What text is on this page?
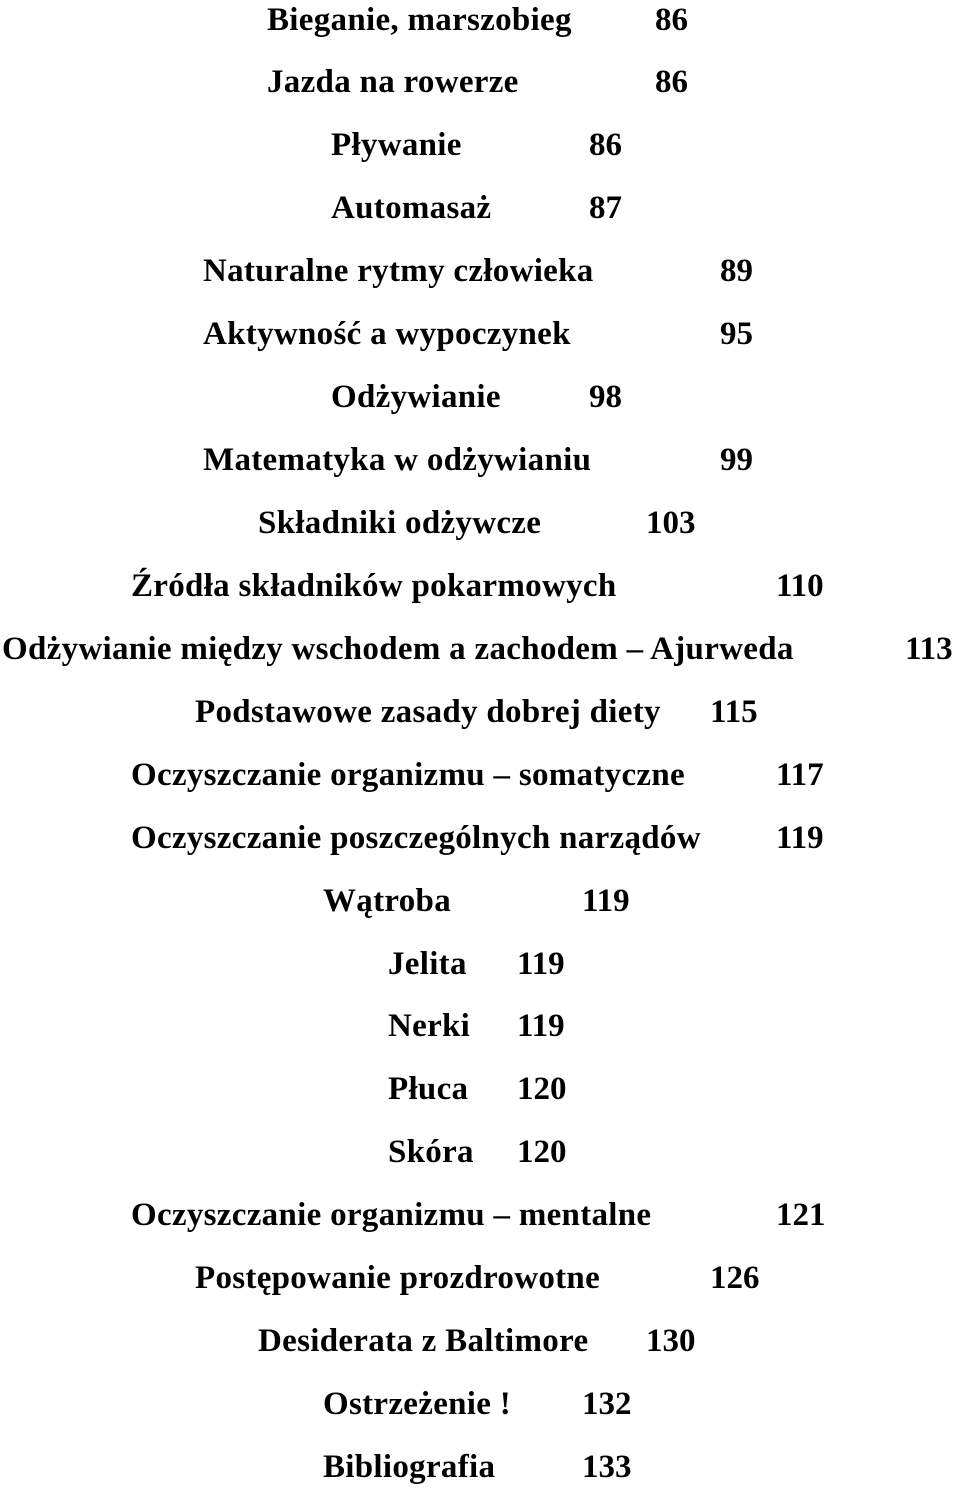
Bieganie, marszobieg	86
Jazda na rowerze	86
Pływanie	86
Automasaż	87
Naturalne rytmy człowieka	89
Aktywność a wypoczynek	95
Odżywianie	98
Matematyka w odżywianiu	99
Składniki odżywcze	103
Źródła składników pokarmowych	110
Odżywianie między wschodem a zachodem – Ajurweda	113
Podstawowe zasady dobrej diety 115
Oczyszczanie organizmu – somatyczne	117
Oczyszczanie poszczególnych narządów 119
Wątroba	119
Jelita 119
Nerki 119
Płuca 120
Skóra 120
Oczyszczanie organizmu – mentalne	121
Postępowanie prozdrowotne	126
Desiderata z Baltimore 130
Ostrzeżenie ! 132
Bibliografia	133
